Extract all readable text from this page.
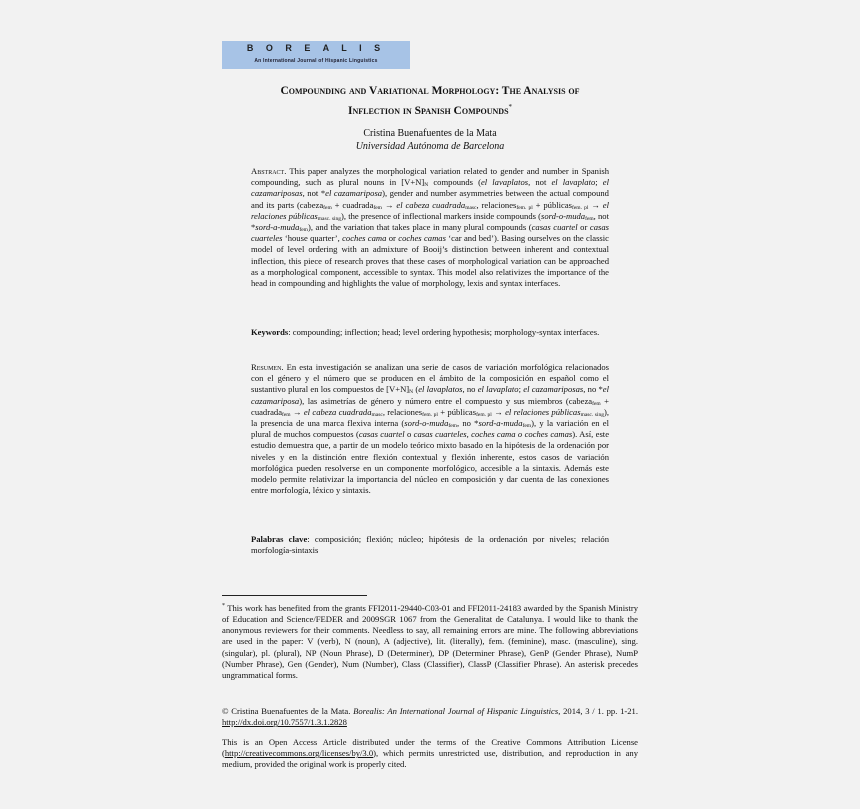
B O R E A L I S
An International Journal of Hispanic Linguistics
Compounding and Variational Morphology: The Analysis of
Inflection in Spanish Compounds*
Cristina Buenafuentes de la Mata
Universidad Autónoma de Barcelona
Abstract. This paper analyzes the morphological variation related to gender and number in Spanish compounding, such as plural nouns in $[V+N]_N$ compounds (el lavaplatos, not el lavaplato; el cazamariposas, not *el cazamariposa), gender and number asymmetries between the actual compound and its parts (cabeza$_{fem}$ + cuadrada$_{fem}$ → el cabeza cuadrada$_{masc}$, relaciones$_{fem. pl}$ + públicas$_{fem. pl}$ → el relaciones públicas$_{masc. sing}$), the presence of inflectional markers inside compounds (sord-o-muda$_{fem}$, not *sord-a-muda$_{fem}$), and the variation that takes place in many plural compounds (casas cuartel or casas cuarteles ‘house quarter’, coches cama or coches camas ‘car and bed’). Basing ourselves on the classic model of level ordering with an admixture of Booij’s distinction between inherent and contextual inflection, this piece of research proves that these cases of morphological variation can be approached as a morphological component, accessible to syntax. This model also relativizes the importance of the head in compounding and highlights the value of morphology, lexis and syntax interfaces.
Keywords: compounding; inflection; head; level ordering hypothesis; morphology-syntax interfaces.
Resumen. En esta investigación se analizan una serie de casos de variación morfológica relacionados con el género y el número que se producen en el ámbito de la composición en español como el sustantivo plural en los compuestos de $[V+N]_N$ (el lavaplatos, no el lavaplato; el cazamariposas, no *el cazamariposa), las asimetrías de género y número entre el compuesto y sus miembros (cabeza$_{fem}$ + cuadrada$_{fem}$ → el cabeza cuadrada$_{masc}$, relaciones$_{fem. pl}$ + públicas$_{fem. pl}$ → el relaciones públicas$_{masc. sing}$), la presencia de una marca flexiva interna (sord-o-muda$_{fem}$, no *sord-a-muda$_{fem}$), y la variación en el plural de muchos compuestos (casas cuartel o casas cuarteles, coches cama o coches camas). Así, este estudio demuestra que, a partir de un modelo teórico mixto basado en la hipótesis de la ordenación por niveles y en la distinción entre flexión contextual y flexión inherente, estos casos de variación morfológica pueden resolverse en un componente morfológico, accesible a la sintaxis. Además este modelo permite relativizar la importancia del núcleo en composición y dar cuenta de las conexiones entre morfología, léxico y sintaxis.
Palabras clave: composición; flexión; núcleo; hipótesis de la ordenación por niveles; relación morfología-sintaxis
* This work has benefited from the grants FFI2011-29440-C03-01 and FFI2011-24183 awarded by the Spanish Ministry of Education and Science/FEDER and 2009SGR 1067 from the Generalitat de Catalunya. I would like to thank the anonymous reviewers for their comments. Needless to say, all remaining errors are mine. The following abbreviations are used in the paper: V (verb), N (noun), A (adjective), lit. (literally), fem. (feminine), masc. (masculine), sing. (singular), pl. (plural), NP (Noun Phrase), D (Determiner), DP (Determiner Phrase), GenP (Gender Phrase), NumP (Number Phrase), Gen (Gender), Num (Number), Class (Classifier), ClassP (Classifier Phrase). An asterisk precedes ungrammatical forms.
© Cristina Buenafuentes de la Mata. Borealis: An International Journal of Hispanic Linguistics, 2014, 3 / 1. pp. 1-21. http://dx.doi.org/10.7557/1.3.1.2828
This is an Open Access Article distributed under the terms of the Creative Commons Attribution License (http://creativecommons.org/licenses/by/3.0), which permits unrestricted use, distribution, and reproduction in any medium, provided the original work is properly cited.
